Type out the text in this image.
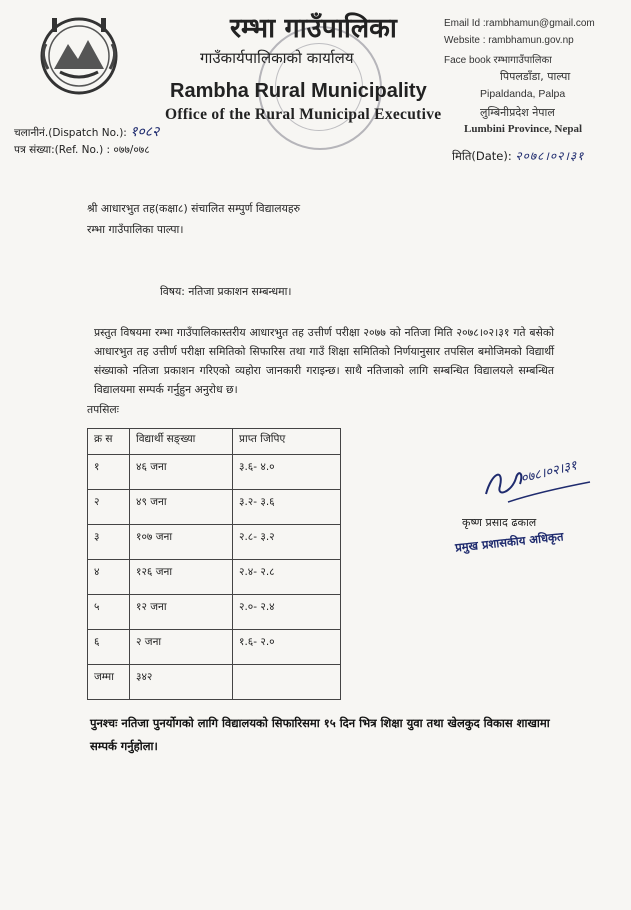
रम्भा गाउँपालिका
गाउँकार्यपालिकाको कार्यालय
Rambha Rural Municipality
Office of the Rural Municipal Executive
Email Id :rambhamun@gmail.com
Website : rambhamun.gov.np
Face book रम्भागाउँपालिका
पिपलडाँडा, पाल्पा
Pipaldanda, Palpa
लुम्बिनीप्रदेश नेपाल
Lumbini Province, Nepal
चलानीनं.(Dispatch No.): १०८२
पत्र संख्या:(Ref. No.) : ०७७/०७८	मिति(Date): २०७८।०२।३१
श्री आधारभुत तह(कक्षा८) संचालित सम्पुर्ण विद्यालयहरु
रम्भा गाउँपालिका पाल्पा।
विषय: नतिजा प्रकाशन सम्बन्धमा।
प्रस्तुत विषयमा रम्भा गाउँपालिकास्तरीय आधारभुत तह उत्तीर्ण परीक्षा २०७७ को नतिजा मिति २०७८।०२।३१ गते बसेको आधारभुत तह उत्तीर्ण परीक्षा समितिको सिफारिस तथा गाउँ शिक्षा समितिको निर्णयानुसार तपसिल बमोजिमको विद्यार्थी संख्याको नतिजा प्रकाशन गरिएको व्यहोरा जानकारी गराइन्छ। साथै नतिजाको लागि सम्बन्धित विद्यालयले सम्बन्धित विद्यालयमा सम्पर्क गर्नुहुन अनुरोध छ।
तपसिलः
क्र स	विद्यार्थी सङ्ख्या	प्राप्त जिपिए
१	४६ जना	३.६- ४.०
२	४९ जना	३.२- ३.६
३	१०७ जना	२.८- ३.२
४	१२६ जना	२.४- २.८
५	१२ जना	२.०- २.४
६	२ जना	१.६- २.०
जम्मा	३४२	
०७८।०२।३१
कृष्ण प्रसाद ढकाल
प्रमुख प्रशासकीय अधिकृत
पुनश्चः नतिजा पुनर्योगको लागि विद्यालयको सिफारिसमा १५ दिन भित्र शिक्षा युवा तथा खेलकुद विकास शाखामा सम्पर्क गर्नुहोला।
